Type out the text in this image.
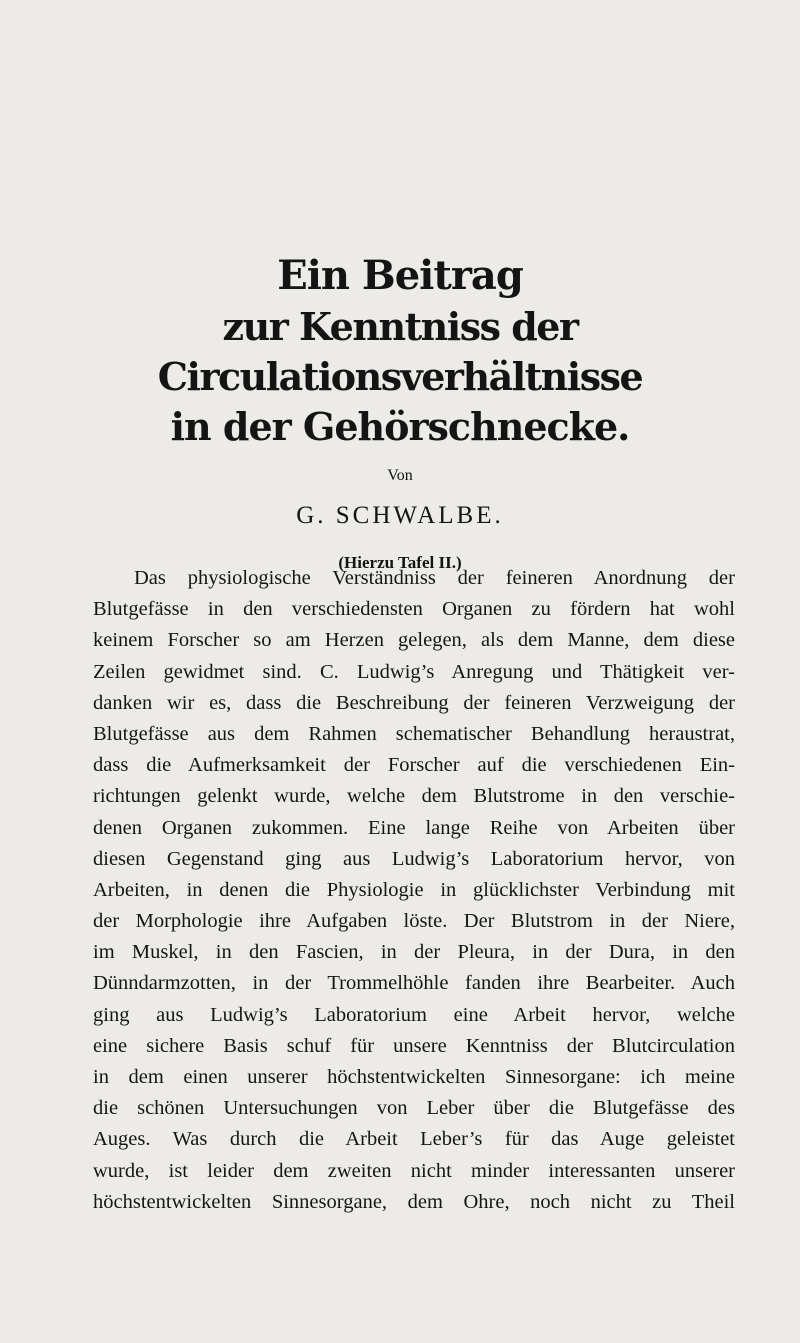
Ein Beitrag
zur Kenntniss der Circulationsverhältnisse
in der Gehörschnecke.
Von
G. SCHWALBE.
(Hierzu Tafel II.)
Das physiologische Verständniss der feineren Anordnung der
Blutgefässe in den verschiedensten Organen zu fördern hat wohl
keinem Forscher so am Herzen gelegen, als dem Manne, dem diese
Zeilen gewidmet sind. C. Ludwig’s Anregung und Thätigkeit ver-
danken wir es, dass die Beschreibung der feineren Verzweigung der
Blutgefässe aus dem Rahmen schematischer Behandlung heraustrat,
dass die Aufmerksamkeit der Forscher auf die verschiedenen Ein-
richtungen gelenkt wurde, welche dem Blutstrome in den verschie-
denen Organen zukommen. Eine lange Reihe von Arbeiten über
diesen Gegenstand ging aus Ludwig’s Laboratorium hervor, von
Arbeiten, in denen die Physiologie in glücklichster Verbindung mit
der Morphologie ihre Aufgaben löste. Der Blutstrom in der Niere,
im Muskel, in den Fascien, in der Pleura, in der Dura, in den
Dünndarmzotten, in der Trommelhöhle fanden ihre Bearbeiter. Auch
ging aus Ludwig’s Laboratorium eine Arbeit hervor, welche
eine sichere Basis schuf für unsere Kenntniss der Blutcirculation
in dem einen unserer höchstentwickelten Sinnesorgane: ich meine
die schönen Untersuchungen von Leber über die Blutgefässe des
Auges. Was durch die Arbeit Leber’s für das Auge geleistet
wurde, ist leider dem zweiten nicht minder interessanten unserer
höchstentwickelten Sinnesorgane, dem Ohre, noch nicht zu Theil
